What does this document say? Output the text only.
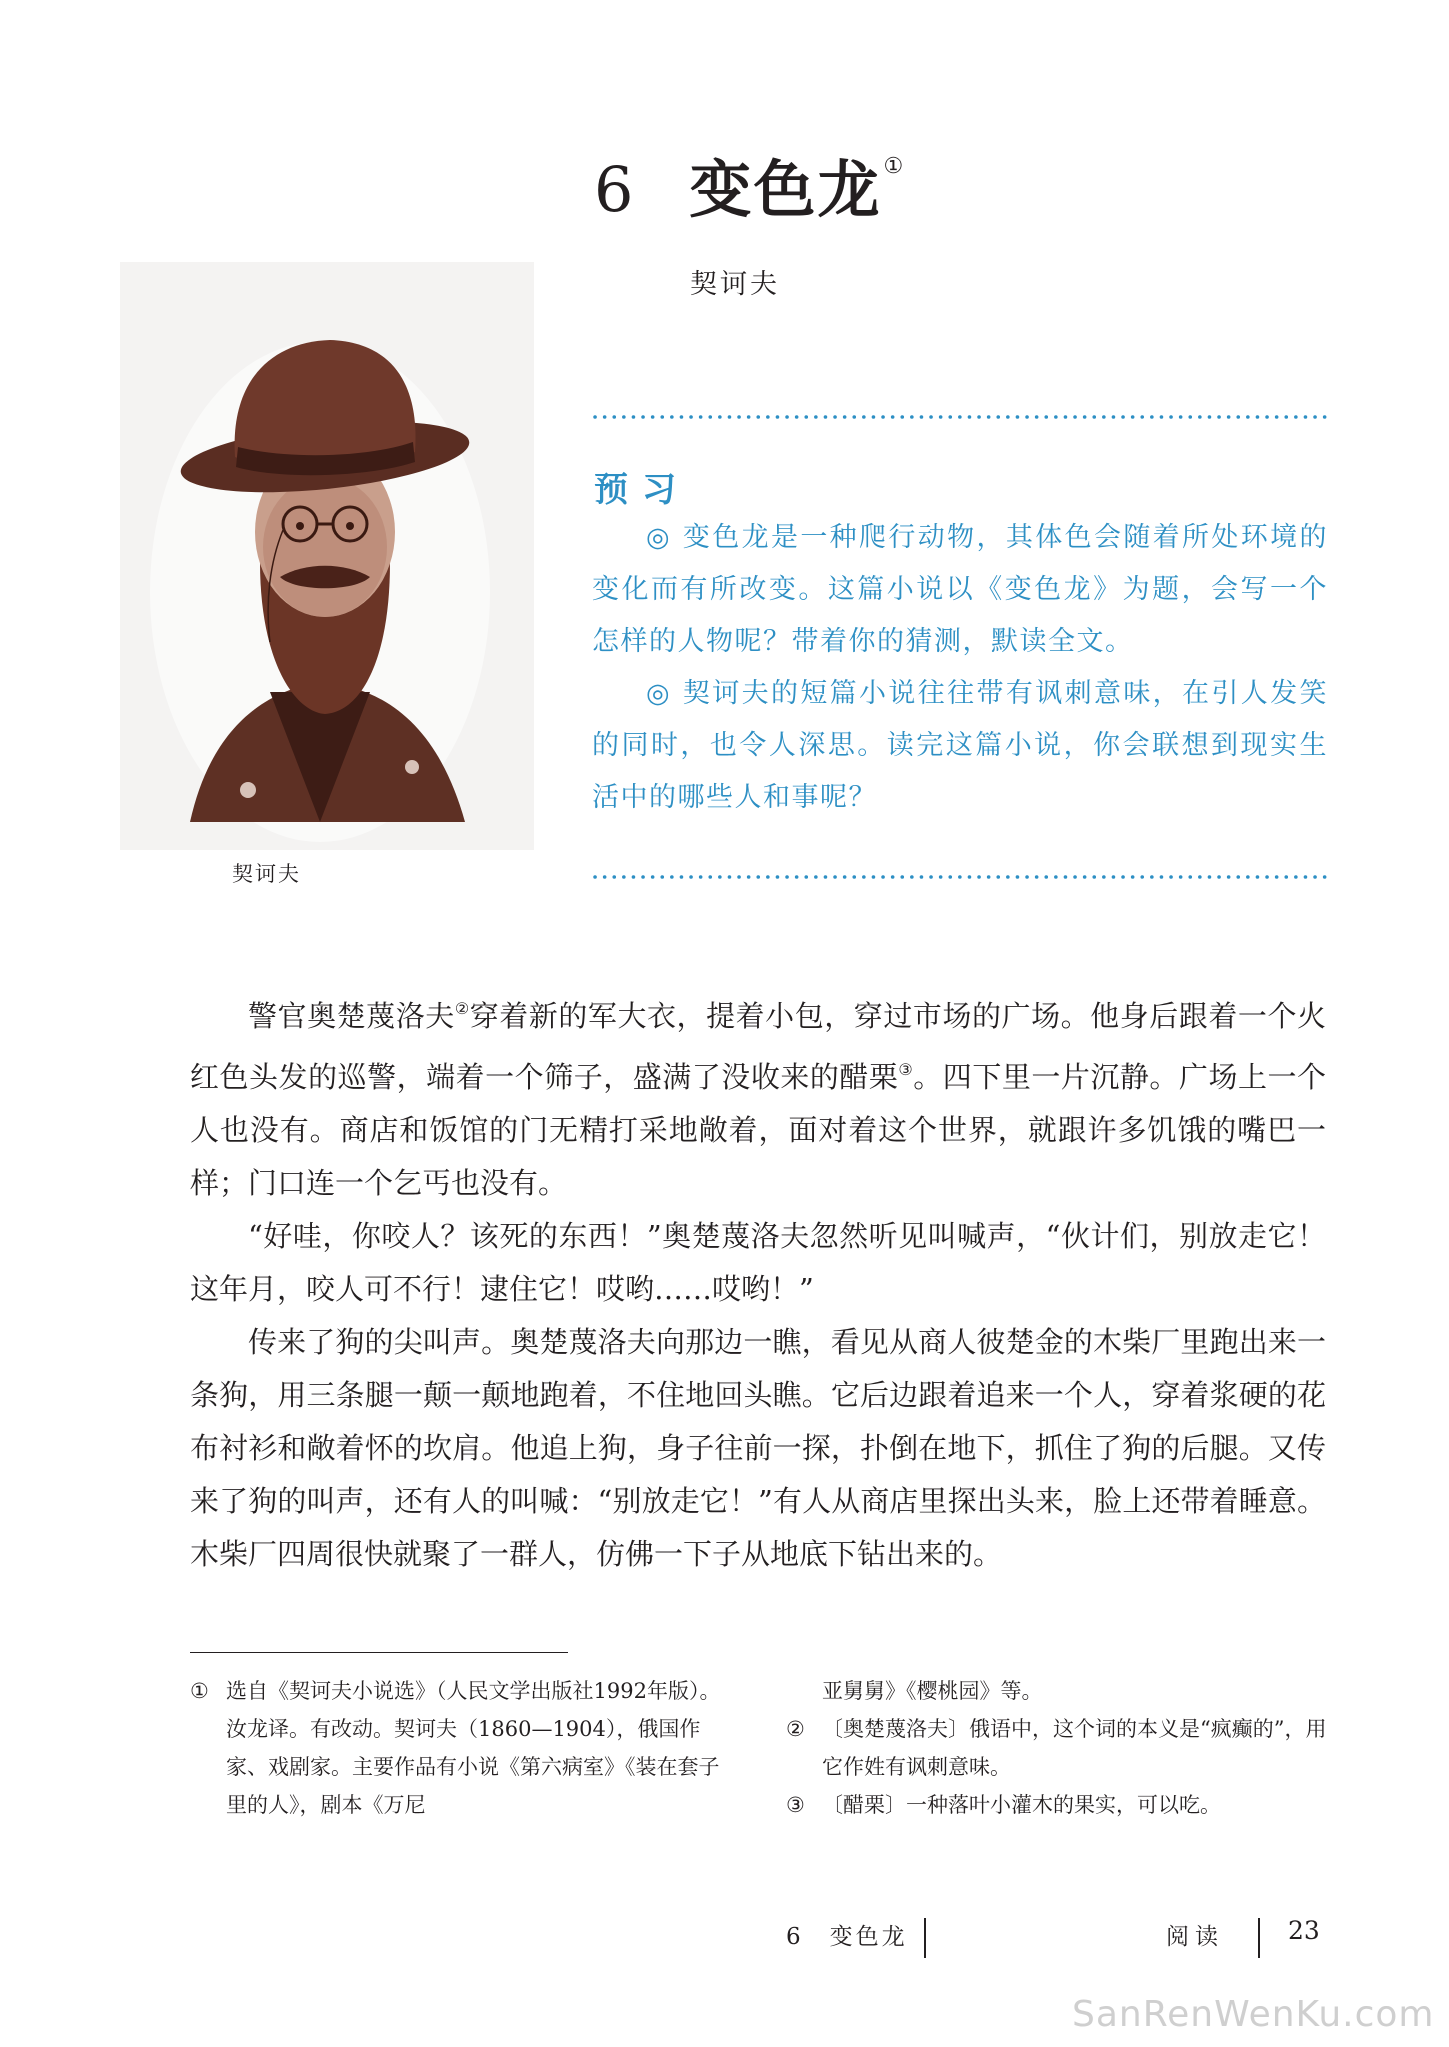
6 变色龙①
契诃夫
契诃夫
预习

◎ 变色龙是一种爬行动物，其体色会随着所处环境的变化而有所改变。这篇小说以《变色龙》为题，会写一个怎样的人物呢？带着你的猜测，默读全文。

◎ 契诃夫的短篇小说往往带有讽刺意味，在引人发笑的同时，也令人深思。读完这篇小说，你会联想到现实生活中的哪些人和事呢？

警官奥楚蔑洛夫②穿着新的军大衣，提着小包，穿过市场的广场。他身后跟着一个火红色头发的巡警，端着一个筛子，盛满了没收来的醋栗③。四下里一片沉静。广场上一个人也没有。商店和饭馆的门无精打采地敞着，面对着这个世界，就跟许多饥饿的嘴巴一样；门口连一个乞丐也没有。

“好哇，你咬人？该死的东西！”奥楚蔑洛夫忽然听见叫喊声，“伙计们，别放走它！这年月，咬人可不行！逮住它！哎哟……哎哟！”

传来了狗的尖叫声。奥楚蔑洛夫向那边一瞧，看见从商人彼楚金的木柴厂里跑出来一条狗，用三条腿一颠一颠地跑着，不住地回头瞧。它后边跟着追来一个人，穿着浆硬的花布衬衫和敞着怀的坎肩。他追上狗，身子往前一探，扑倒在地下，抓住了狗的后腿。又传来了狗的叫声，还有人的叫喊：“别放走它！”有人从商店里探出头来，脸上还带着睡意。木柴厂四周很快就聚了一群人，仿佛一下子从地底下钻出来的。

① 选自《契诃夫小说选》（人民文学出版社1992年版）。汝龙译。有改动。契诃夫（1860—1904），俄国作家、戏剧家。主要作品有小说《第六病室》《装在套子里的人》，剧本《万尼
亚舅舅》《樱桃园》等。
② 〔奥楚蔑洛夫〕俄语中，这个词的本义是“疯癫的”，用它作姓有讽刺意味。
③ 〔醋栗〕一种落叶小灌木的果实，可以吃。
6　变色龙	阅读	23
SanRenWenKu.com
